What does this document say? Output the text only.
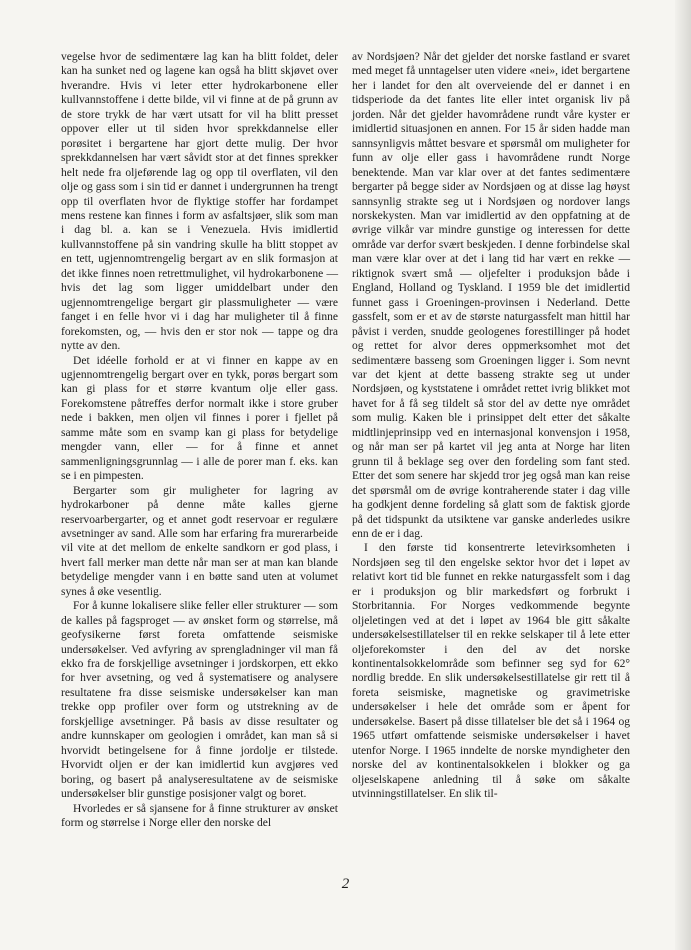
vegelse hvor de sedimentære lag kan ha blitt foldet, deler kan ha sunket ned og lagene kan også ha blitt skjøvet over hverandre. Hvis vi leter etter hydrokarbonene eller kullvannstoffene i dette bilde, vil vi finne at de på grunn av de store trykk de har vært utsatt for vil ha blitt presset oppover eller ut til siden hvor sprekkdannelse eller porøsitet i bergartene har gjort dette mulig. Der hvor sprekkdannelsen har vært såvidt stor at det finnes sprekker helt nede fra oljeførende lag og opp til overflaten, vil den olje og gass som i sin tid er dannet i undergrunnen ha trengt opp til overflaten hvor de flyktige stoffer har fordampet mens restene kan finnes i form av asfaltsjøer, slik som man i dag bl. a. kan se i Venezuela. Hvis imidlertid kullvannstoffene på sin vandring skulle ha blitt stoppet av en tett, ugjennomtrengelig bergart av en slik formasjon at det ikke finnes noen retrettmulighet, vil hydrokarbonene — hvis det lag som ligger umiddelbart under den ugjennomtrengelige bergart gir plassmuligheter — være fanget i en felle hvor vi i dag har muligheter til å finne forekomsten, og, — hvis den er stor nok — tappe og dra nytte av den.

Det idéelle forhold er at vi finner en kappe av en ugjennomtrengelig bergart over en tykk, porøs bergart som kan gi plass for et større kvantum olje eller gass. Forekomstene påtreffes derfor normalt ikke i store gruber nede i bakken, men oljen vil finnes i porer i fjellet på samme måte som en svamp kan gi plass for betydelige mengder vann, eller — for å finne et annet sammenligningsgrunnlag — i alle de porer man f. eks. kan se i en pimpesten.

Bergarter som gir muligheter for lagring av hydrokarboner på denne måte kalles gjerne reservoarbergarter, og et annet godt reservoar er regulære avsetninger av sand. Alle som har erfaring fra murerarbeide vil vite at det mellom de enkelte sandkorn er god plass, i hvert fall merker man dette når man ser at man kan blande betydelige mengder vann i en bøtte sand uten at volumet synes å øke vesentlig.

For å kunne lokalisere slike feller eller strukturer — som de kalles på fagsproget — av ønsket form og størrelse, må geofysikerne først foreta omfattende seismiske undersøkelser. Ved avfyring av sprengladninger vil man få ekko fra de forskjellige avsetninger i jordskorpen, ett ekko for hver avsetning, og ved å systematisere og analysere resultatene fra disse seismiske undersøkelser kan man trekke opp profiler over form og utstrekning av de forskjellige avsetninger. På basis av disse resultater og andre kunnskaper om geologien i området, kan man så si hvorvidt betingelsene for å finne jordolje er tilstede. Hvorvidt oljen er der kan imidlertid kun avgjøres ved boring, og basert på analyseresultatene av de seismiske undersøkelser blir gunstige posisjoner valgt og boret.

Hvorledes er så sjansene for å finne strukturer av ønsket form og størrelse i Norge eller den norske del

av Nordsjøen? Når det gjelder det norske fastland er svaret med meget få unntagelser uten videre «nei», idet bergartene her i landet for den alt overveiende del er dannet i en tidsperiode da det fantes lite eller intet organisk liv på jorden. Når det gjelder havområdene rundt våre kyster er imidlertid situasjonen en annen. For 15 år siden hadde man sannsynligvis måttet besvare et spørsmål om muligheter for funn av olje eller gass i havområdene rundt Norge benektende. Man var klar over at det fantes sedimentære bergarter på begge sider av Nordsjøen og at disse lag høyst sannsynlig strakte seg ut i Nordsjøen og nordover langs norskekysten. Man var imidlertid av den oppfatning at de øvrige vilkår var mindre gunstige og interessen for dette område var derfor svært beskjeden. I denne forbindelse skal man være klar over at det i lang tid har vært en rekke — riktignok svært små — oljefelter i produksjon både i England, Holland og Tyskland. I 1959 ble det imidlertid funnet gass i Groeningen-provinsen i Nederland. Dette gassfelt, som er et av de største naturgassfelt man hittil har påvist i verden, snudde geologenes forestillinger på hodet og rettet for alvor deres oppmerksomhet mot det sedimentære basseng som Groeningen ligger i. Som nevnt var det kjent at dette basseng strakte seg ut under Nordsjøen, og kyststatene i området rettet ivrig blikket mot havet for å få seg tildelt så stor del av dette nye området som mulig. Kaken ble i prinsippet delt etter det såkalte midtlinjeprinsipp ved en internasjonal konvensjon i 1958, og når man ser på kartet vil jeg anta at Norge har liten grunn til å beklage seg over den fordeling som fant sted. Etter det som senere har skjedd tror jeg også man kan reise det spørsmål om de øvrige kontraherende stater i dag ville ha godkjent denne fordeling så glatt som de faktisk gjorde på det tidspunkt da utsiktene var ganske anderledes usikre enn de er i dag.

I den første tid konsentrerte letevirksomheten i Nordsjøen seg til den engelske sektor hvor det i løpet av relativt kort tid ble funnet en rekke naturgassfelt som i dag er i produksjon og blir markedsført og forbrukt i Storbritannia. For Norges vedkommende begynte oljeletingen ved at det i løpet av 1964 ble gitt såkalte undersøkelsestillatelser til en rekke selskaper til å lete etter oljeforekomster i den del av det norske kontinentalsokkelområde som befinner seg syd for 62° nordlig bredde. En slik undersøkelsestillatelse gir rett til å foreta seismiske, magnetiske og gravimetriske undersøkelser i hele det område som er åpent for undersøkelse. Basert på disse tillatelser ble det så i 1964 og 1965 utført omfattende seismiske undersøkelser i havet utenfor Norge. I 1965 inndelte de norske myndigheter den norske del av kontinentalsokkelen i blokker og ga oljeselskapene anledning til å søke om såkalte utvinningstillatelser. En slik til-

2
